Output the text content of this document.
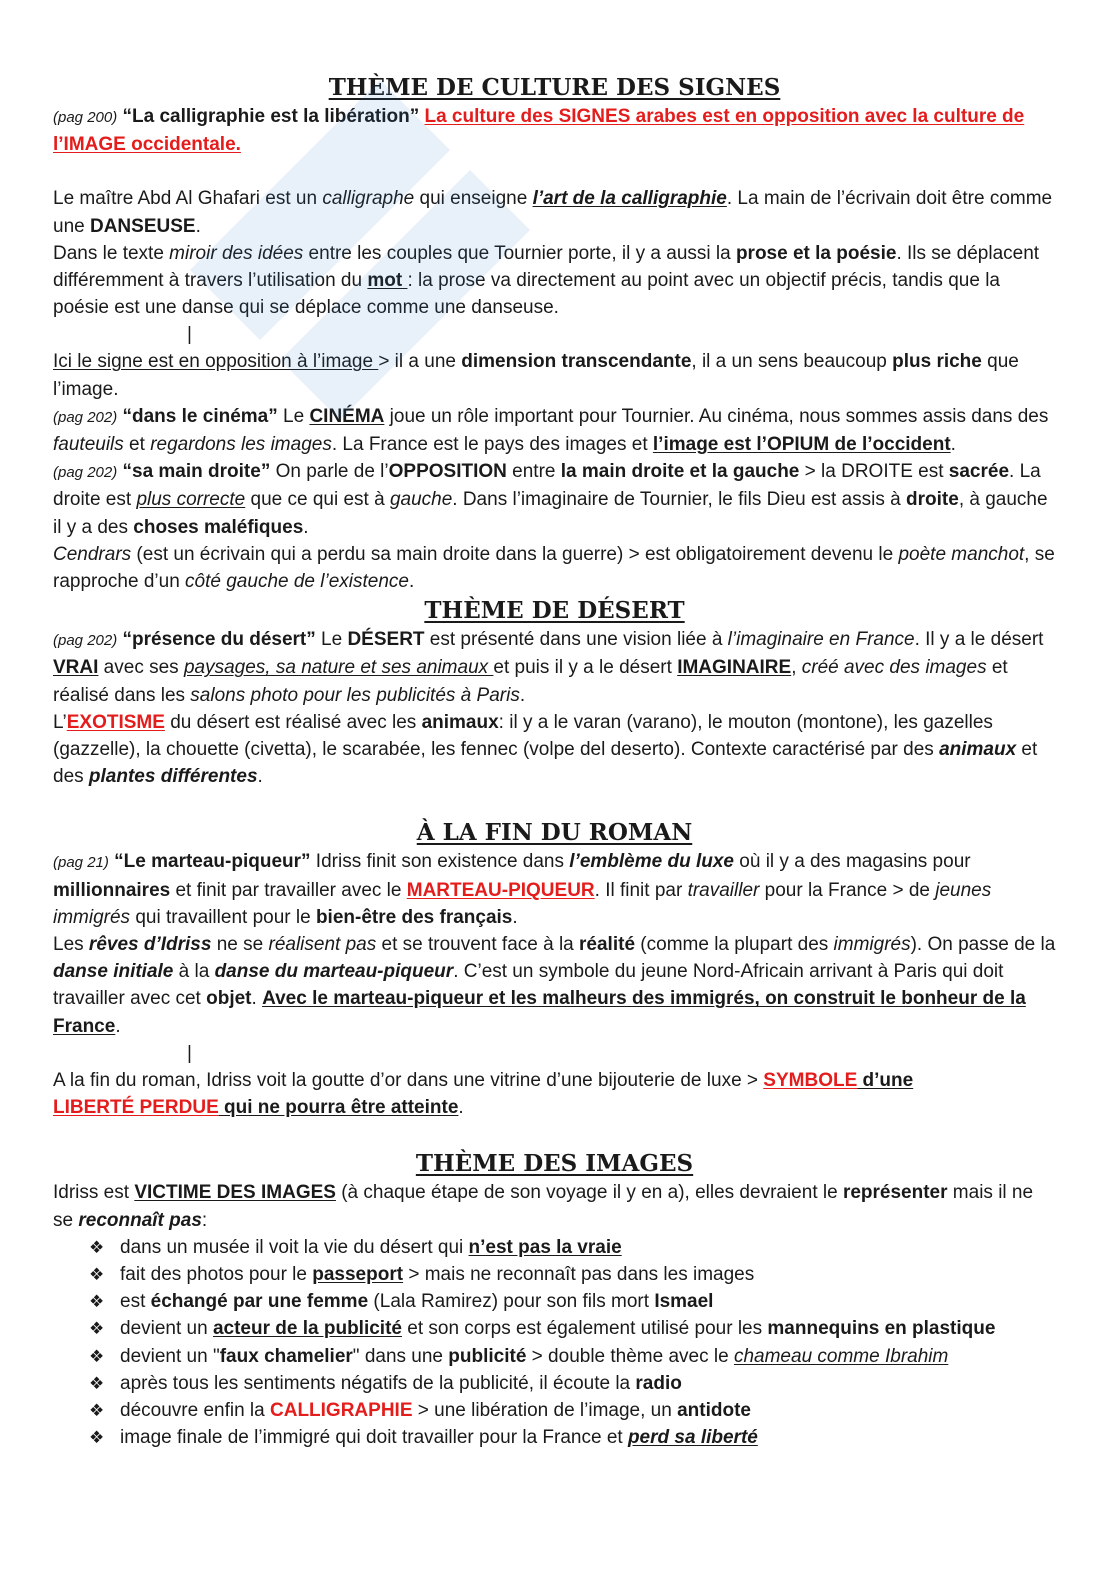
THÈME DE CULTURE DES SIGNES

(pag 200) “La calligraphie est la libération” La culture des SIGNES arabes est en opposition avec la culture de l’IMAGE occidentale.

Le maître Abd Al Ghafari est un calligraphe qui enseigne l’art de la calligraphie. La main de l’écrivain doit être comme une DANSEUSE.

Dans le texte miroir des idées entre les couples que Tournier porte, il y a aussi la prose et la poésie. Ils se déplacent différemment à travers l’utilisation du mot : la prose va directement au point avec un objectif précis, tandis que la poésie est une danse qui se déplace comme une danseuse.

|

Ici le signe est en opposition à l’image > il a une dimension transcendante, il a un sens beaucoup plus riche que l’image.

(pag 202) “dans le cinéma” Le CINÉMA joue un rôle important pour Tournier. Au cinéma, nous sommes assis dans des fauteuils et regardons les images. La France est le pays des images et l’image est l’OPIUM de l’occident.

(pag 202) “sa main droite” On parle de l’OPPOSITION entre la main droite et la gauche > la DROITE est sacrée. La droite est plus correcte que ce qui est à gauche. Dans l’imaginaire de Tournier, le fils Dieu est assis à droite, à gauche il y a des choses maléfiques.

Cendrars (est un écrivain qui a perdu sa main droite dans la guerre) > est obligatoirement devenu le poète manchot, se rapproche d’un côté gauche de l’existence.

THÈME DE DÉSERT

(pag 202) “présence du désert” Le DÉSERT est présenté dans une vision liée à l’imaginaire en France. Il y a le désert VRAI avec ses paysages, sa nature et ses animaux et puis il y a le désert IMAGINAIRE, créé avec des images et réalisé dans les salons photo pour les publicités à Paris.

L’EXOTISME du désert est réalisé avec les animaux: il y a le varan (varano), le mouton (montone), les gazelles (gazzelle), la chouette (civetta), le scarabée, les fennec (volpe del deserto). Contexte caractérisé par des animaux et des plantes différentes.

À LA FIN DU ROMAN

(pag 21) “Le marteau-piqueur” Idriss finit son existence dans l’emblème du luxe où il y a des magasins pour millionnaires et finit par travailler avec le MARTEAU-PIQUEUR. Il finit par travailler pour la France > de jeunes immigrés qui travaillent pour le bien-être des français.

Les rêves d’Idriss ne se réalisent pas et se trouvent face à la réalité (comme la plupart des immigrés). On passe de la danse initiale à la danse du marteau-piqueur. C’est un symbole du jeune Nord-Africain arrivant à Paris qui doit travailler avec cet objet. Avec le marteau-piqueur et les malheurs des immigrés, on construit le bonheur de la France.

|

A la fin du roman, Idriss voit la goutte d’or dans une vitrine d’une bijouterie de luxe > SYMBOLE d’une
LIBERTÉ PERDUE qui ne pourra être atteinte.

THÈME DES IMAGES

Idriss est VICTIME DES IMAGES (à chaque étape de son voyage il y en a), elles devraient le représenter mais il ne se reconnaît pas:

❖ dans un musée il voit la vie du désert qui n’est pas la vraie
❖ fait des photos pour le passeport > mais ne reconnaît pas dans les images
❖ est échangé par une femme (Lala Ramirez) pour son fils mort Ismael
❖ devient un acteur de la publicité et son corps est également utilisé pour les mannequins en plastique
❖ devient un "faux chamelier" dans une publicité > double thème avec le chameau comme Ibrahim
❖ après tous les sentiments négatifs de la publicité, il écoute la radio
❖ découvre enfin la CALLIGRAPHIE > une libération de l’image, un antidote
❖ image finale de l’immigré qui doit travailler pour la France et perd sa liberté
